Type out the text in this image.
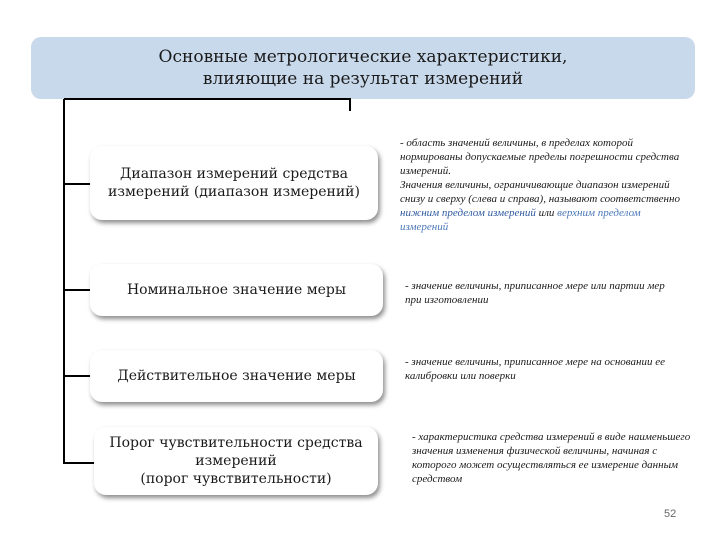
Основные метрологические характеристики,
влияющие на результат измерений
Диапазон измерений средства
измерений (диапазон измерений)
- область значений величины, в пределах которой нормированы допускаемые пределы погрешности средства измерений.
Значения величины, ограничивающие диапазон измерений снизу и сверху (слева и справа), называют соответственно нижним пределом измерений или верхним пределом измерений
Номинальное значение меры	- значение величины, приписанное мере или партии мер при изготовлении
Действительное значение меры
- значение величины, приписанное мере на основании ее калибровки или поверки
Порог чувствительности средства
измерений
(порог чувствительности)
- характеристика средства измерений в виде наименьшего значения изменения физической величины, начиная с которого может осуществляться ее измерение данным средством
52
